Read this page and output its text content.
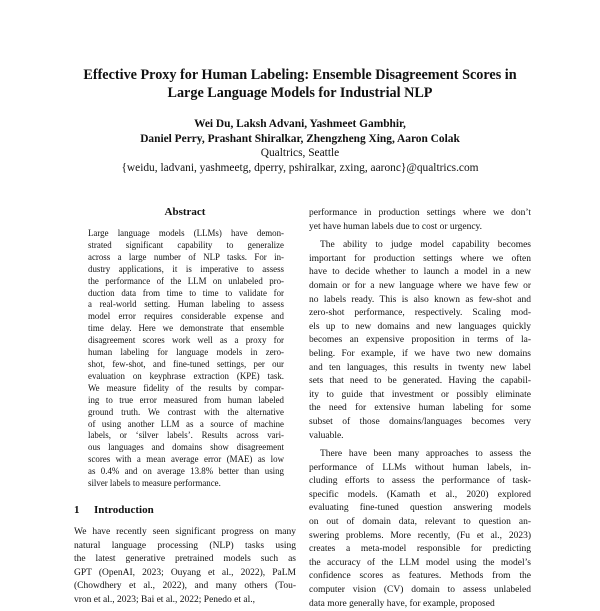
Effective Proxy for Human Labeling: Ensemble Disagreement Scores in
Large Language Models for Industrial NLP
Wei Du, Laksh Advani, Yashmeet Gambhir,
Daniel Perry, Prashant Shiralkar, Zhengzheng Xing, Aaron Colak
Qualtrics, Seattle
{weidu, ladvani, yashmeetg, dperry, pshiralkar, zxing, aaronc}@qualtrics.com
Abstract
Large language models (LLMs) have demon-
strated significant capability to generalize
across a large number of NLP tasks. For in-
dustry applications, it is imperative to assess
the performance of the LLM on unlabeled pro-
duction data from time to time to validate for
a real-world setting. Human labeling to assess
model error requires considerable expense and
time delay. Here we demonstrate that ensemble
disagreement scores work well as a proxy for
human labeling for language models in zero-
shot, few-shot, and fine-tuned settings, per our
evaluation on keyphrase extraction (KPE) task.
We measure fidelity of the results by compar-
ing to true error measured from human labeled
ground truth. We contrast with the alternative
of using another LLM as a source of machine
labels, or ‘silver labels’. Results across vari-
ous languages and domains show disagreement
scores with a mean average error (MAE) as low
as 0.4% and on average 13.8% better than using
silver labels to measure performance.
1 Introduction
We have recently seen significant progress on many
natural language processing (NLP) tasks using
the latest generative pretrained models such as
GPT (OpenAI, 2023; Ouyang et al., 2022), PaLM
(Chowdhery et al., 2022), and many others (Tou-
vron et al., 2023; Bai et al., 2022; Penedo et al.,
performance in production settings where we don’t
yet have human labels due to cost or urgency.
The ability to judge model capability becomes
important for production settings where we often
have to decide whether to launch a model in a new
domain or for a new language where we have few or
no labels ready. This is also known as few-shot and
zero-shot performance, respectively. Scaling mod-
els up to new domains and new languages quickly
becomes an expensive proposition in terms of la-
beling. For example, if we have two new domains
and ten languages, this results in twenty new label
sets that need to be generated. Having the capabil-
ity to guide that investment or possibly eliminate
the need for extensive human labeling for some
subset of those domains/languages becomes very
valuable.
There have been many approaches to assess the
performance of LLMs without human labels, in-
cluding efforts to assess the performance of task-
specific models. (Kamath et al., 2020) explored
evaluating fine-tuned question answering models
on out of domain data, relevant to question an-
swering problems. More recently, (Fu et al., 2023)
creates a meta-model responsible for predicting
the accuracy of the LLM model using the model’s
confidence scores as features. Methods from the
computer vision (CV) domain to assess unlabeled
data more generally have, for example, proposed
